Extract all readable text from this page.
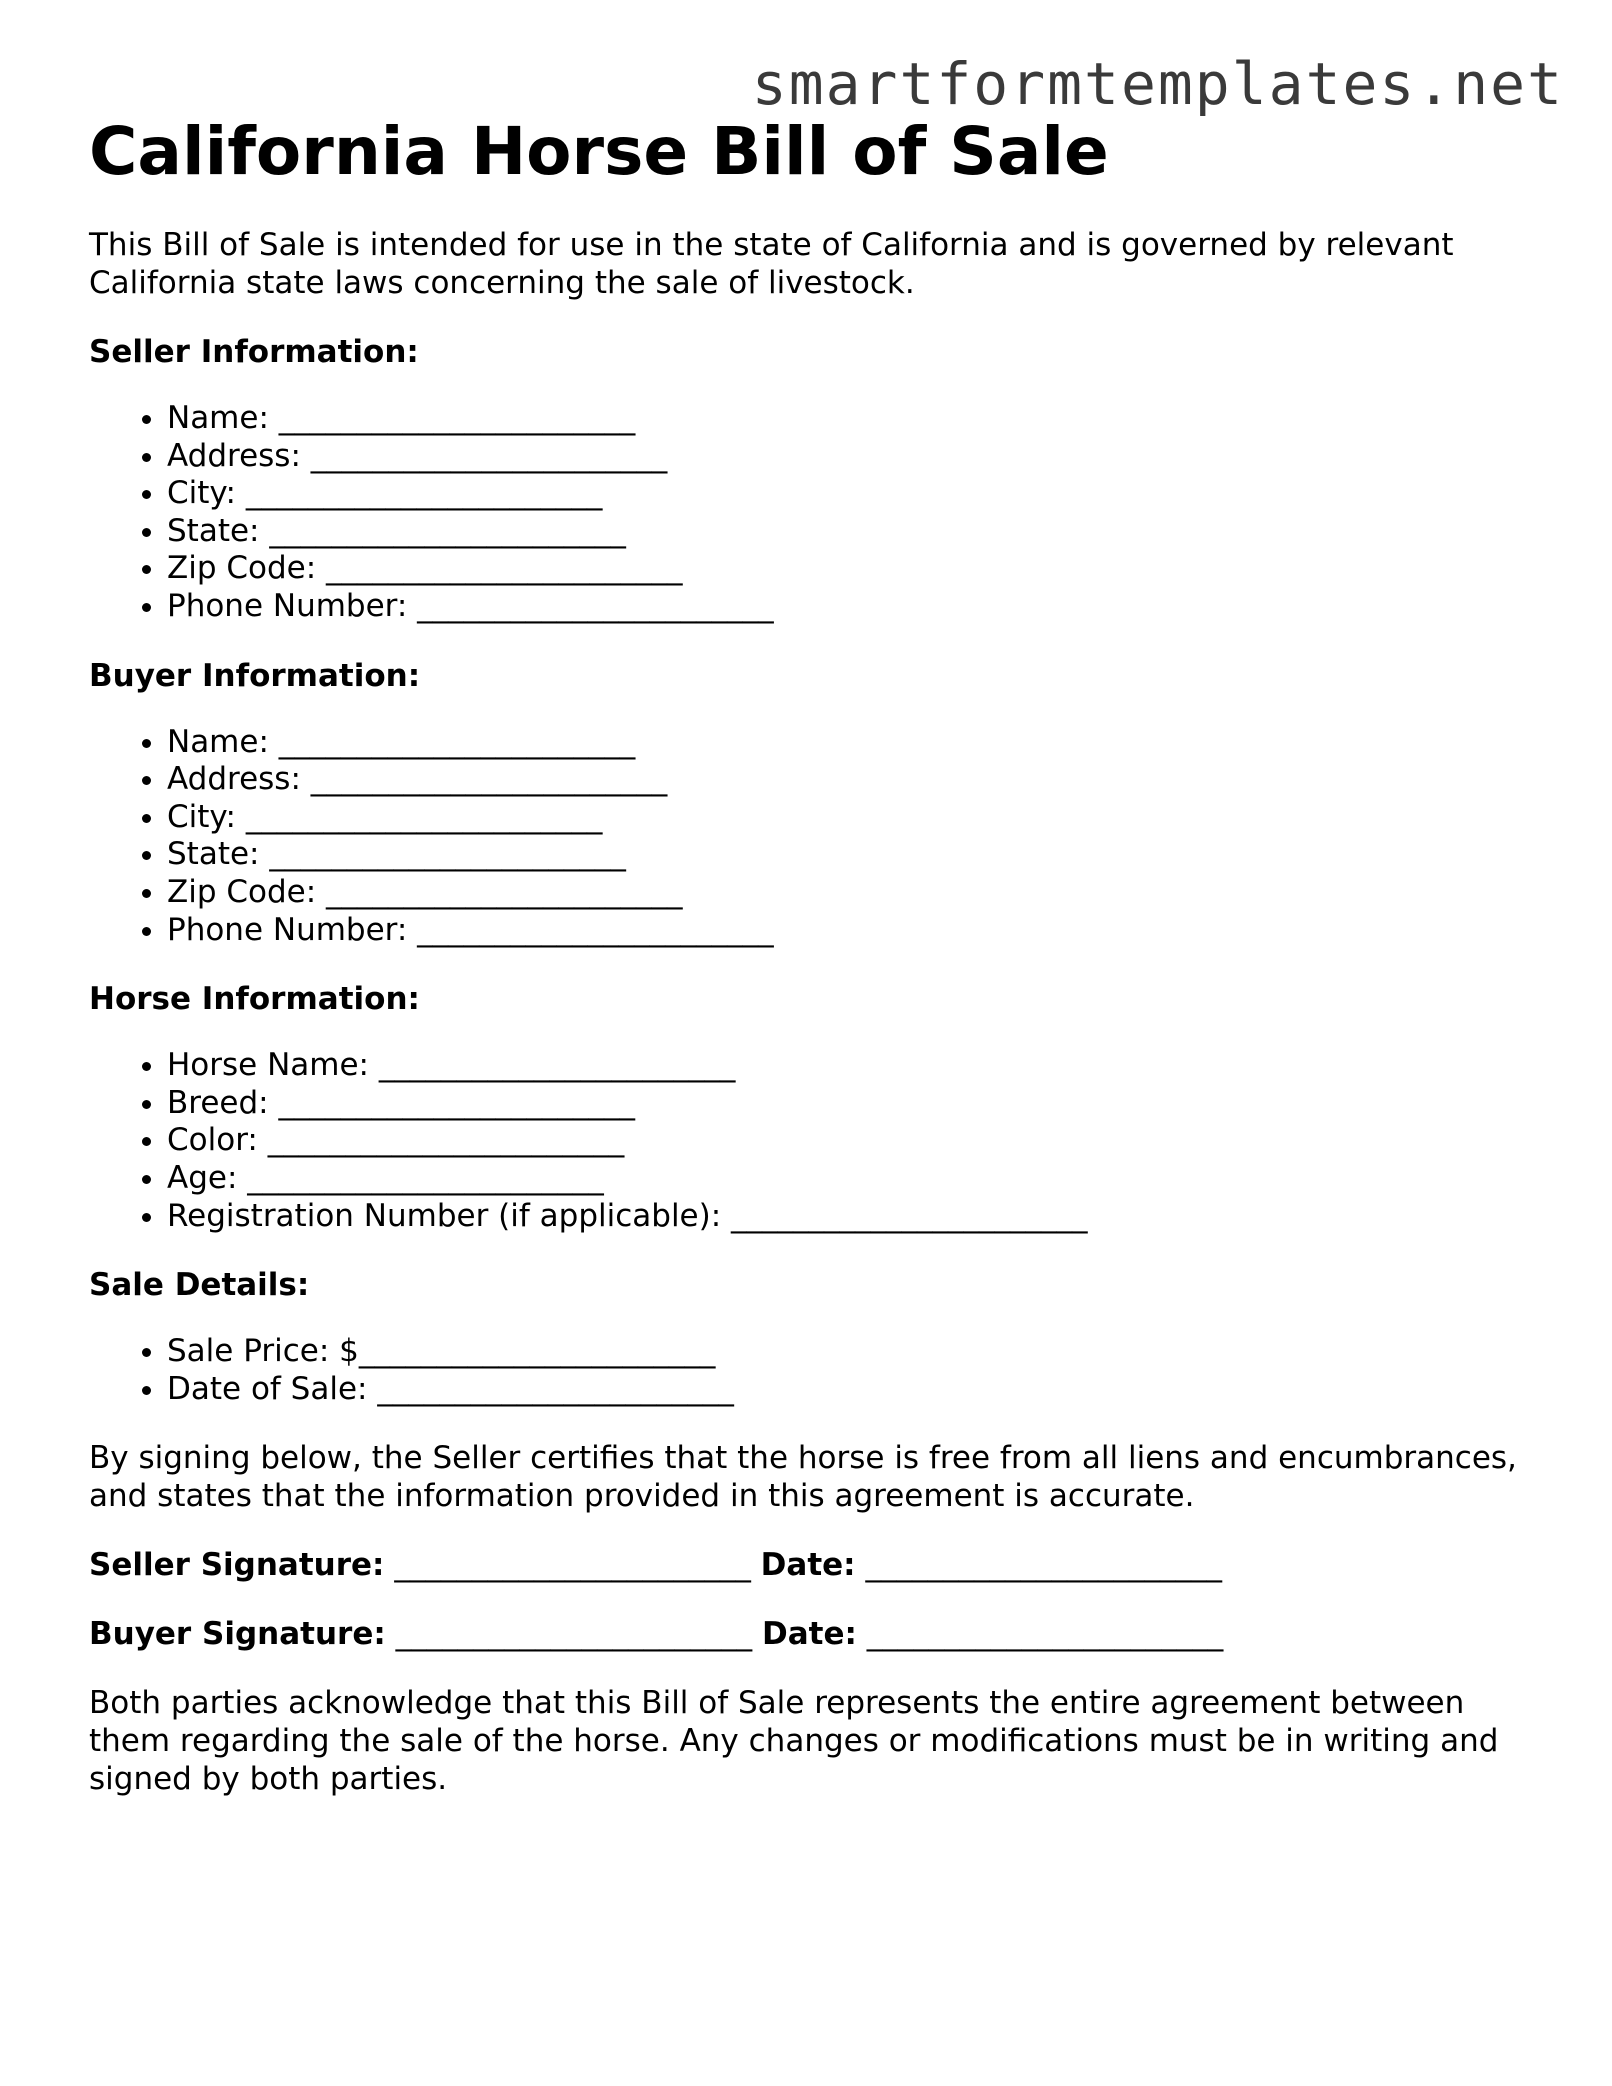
smartformtemplates.net
California Horse Bill of Sale

This Bill of Sale is intended for use in the state of California and is governed by relevant California state laws concerning the sale of livestock.

Seller Information:
• Name: _______________________
• Address: _______________________
• City: _______________________
• State: _______________________
• Zip Code: _______________________
• Phone Number: _______________________
Buyer Information:
• Name: _______________________
• Address: _______________________
• City: _______________________
• State: _______________________
• Zip Code: _______________________
• Phone Number: _______________________
Horse Information:
• Horse Name: _______________________
• Breed: _______________________
• Color: _______________________
• Age: _______________________
• Registration Number (if applicable): _______________________
Sale Details:
• Sale Price: $_______________________
• Date of Sale: _______________________

By signing below, the Seller certifies that the horse is free from all liens and encumbrances, and states that the information provided in this agreement is accurate.

Seller Signature: _______________________ Date: _______________________
Buyer Signature: _______________________ Date: _______________________

Both parties acknowledge that this Bill of Sale represents the entire agreement between them regarding the sale of the horse. Any changes or modifications must be in writing and signed by both parties.
